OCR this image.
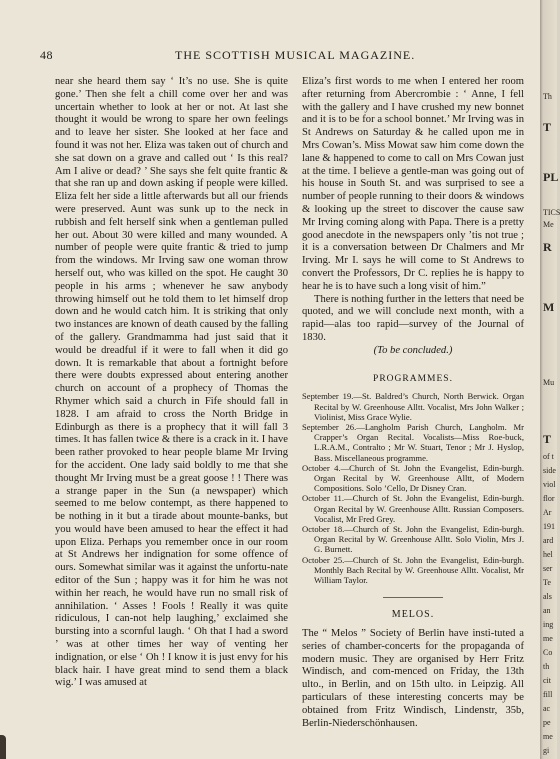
48	THE SCOTTISH MUSICAL MAGAZINE.

near she heard them say ‘ It’s no use. She is quite gone.’ Then she felt a chill come over her and was uncertain whether to look at her or not. At last she thought it would be wrong to spare her own feelings and to leave her sister. She looked at her face and found it was not her. Eliza was taken out of church and she sat down on a grave and called out ‘ Is this real? Am I alive or dead? ’ She says she felt quite frantic & that she ran up and down asking if people were killed. Eliza felt her side a little afterwards but all our friends were preserved. Aunt was sunk up to the neck in rubbish and felt herself sink when a gentleman pulled her out. About 30 were killed and many wounded. A number of people were quite frantic & tried to jump from the windows. Mr Irving saw one woman throw herself out, who was killed on the spot. He caught 30 people in his arms ; whenever he saw anybody throwing himself out he told them to let himself drop down and he would catch him. It is striking that only two instances are known of death caused by the falling of the gallery. Grandmamma had just said that it would be dreadful if it were to fall when it did go down. It is remarkable that about a fortnight before there were doubts expressed about entering another church on account of a prophecy of Thomas the Rhymer which said a church in Fife should fall in 1828. I am afraid to cross the North Bridge in Edinburgh as there is a prophecy that it will fall 3 times. It has fallen twice & there is a crack in it. I have been rather provoked to hear people blame Mr Irving for the accident. One lady said boldly to me that she thought Mr Irving must be a great goose ! ! There was a strange paper in the Sun (a newspaper) which seemed to me below contempt, as there happened to be nothing in it but a tirade about mounte-banks, but you would have been amused to hear the effect it had upon Eliza. Perhaps you remember once in our room at St Andrews her indignation for some offence of ours. Somewhat similar was it against the unfortu-nate editor of the Sun ; happy was it for him he was not within her reach, he would have run no small risk of annihilation. ‘ Asses ! Fools ! Really it was quite ridiculous, I can-not help laughing,’ exclaimed she bursting into a scornful laugh. ‘ Oh that I had a sword ’ was at other times her way of venting her indignation, or else ‘ Oh ! I know it is just envy for his black hair. I have great mind to send them a black wig.’ I was amused at

Eliza’s first words to me when I entered her room after returning from Abercrombie : ‘ Anne, I fell with the gallery and I have crushed my new bonnet and it is to be for a school bonnet.’ Mr Irving was in St Andrews on Saturday & he called upon me in Mrs Cowan’s. Miss Mowat saw him come down the lane & happened to come to call on Mrs Cowan just at the time. I believe a gentle-man was going out of his house in South St. and was surprised to see a number of people running to their doors & windows & looking up the street to discover the cause saw Mr Irving coming along with Papa. There is a pretty good anecdote in the newspapers only ’tis not true ; it is a conversation between Dr Chalmers and Mr Irving. Mr I. says he will come to St Andrews to convert the Professors, Dr C. replies he is happy to hear he is to have such a long visit of him.”

There is nothing further in the letters that need be quoted, and we will conclude next month, with a rapid—alas too rapid—survey of the Journal of 1830.

(To be concluded.)

PROGRAMMES.
September 19.—St. Baldred’s Church, North Berwick. Organ Recital by W. Greenhouse Alltt. Vocalist, Mrs John Walker ; Violinist, Miss Grace Wylie.
September 26.—Langholm Parish Church, Langholm. Mr Crapper’s Organ Recital. Vocalists—Miss Roe-buck, L.R.A.M., Contralto ; Mr W. Stuart, Tenor ; Mr J. Hyslop, Bass. Miscellaneous programme.
October 4.—Church of St. John the Evangelist, Edin-burgh. Organ Recital by W. Greenhouse Alltt, of Modern Compositions. Solo ’Cello, Dr Disney Cran.
October 11.—Church of St. John the Evangelist, Edin-burgh. Organ Recital by W. Greenhouse Alltt. Russian Composers. Vocalist, Mr Fred Grey.
October 18.—Church of St. John the Evangelist, Edin-burgh. Organ Recital by W. Greenhouse Alltt. Solo Violin, Mrs J. G. Burnett.
October 25.—Church of St. John the Evangelist, Edin-burgh. Monthly Bach Recital by W. Greenhouse Alltt. Vocalist, Mr William Taylor.
MELOS.

The “ Melos ” Society of Berlin have insti-tuted a series of chamber-concerts for the propaganda of modern music. They are organised by Herr Fritz Windisch, and com-menced on Friday, the 13th ulto., in Berlin, and on 15th ulto. in Leipzig. All particulars of these interesting concerts may be obtained from Fritz Windisch, Lindenstr, 35b, Berlin-Niederschönhausen.

Th
T
PL
TICS
Me
R
M
Mu
T
of t
side
viol
flor
Ar
191
ard
hel
ser
Te
als
an
ing
me
Co
th
cit
fill
ac
pe
me
gi
